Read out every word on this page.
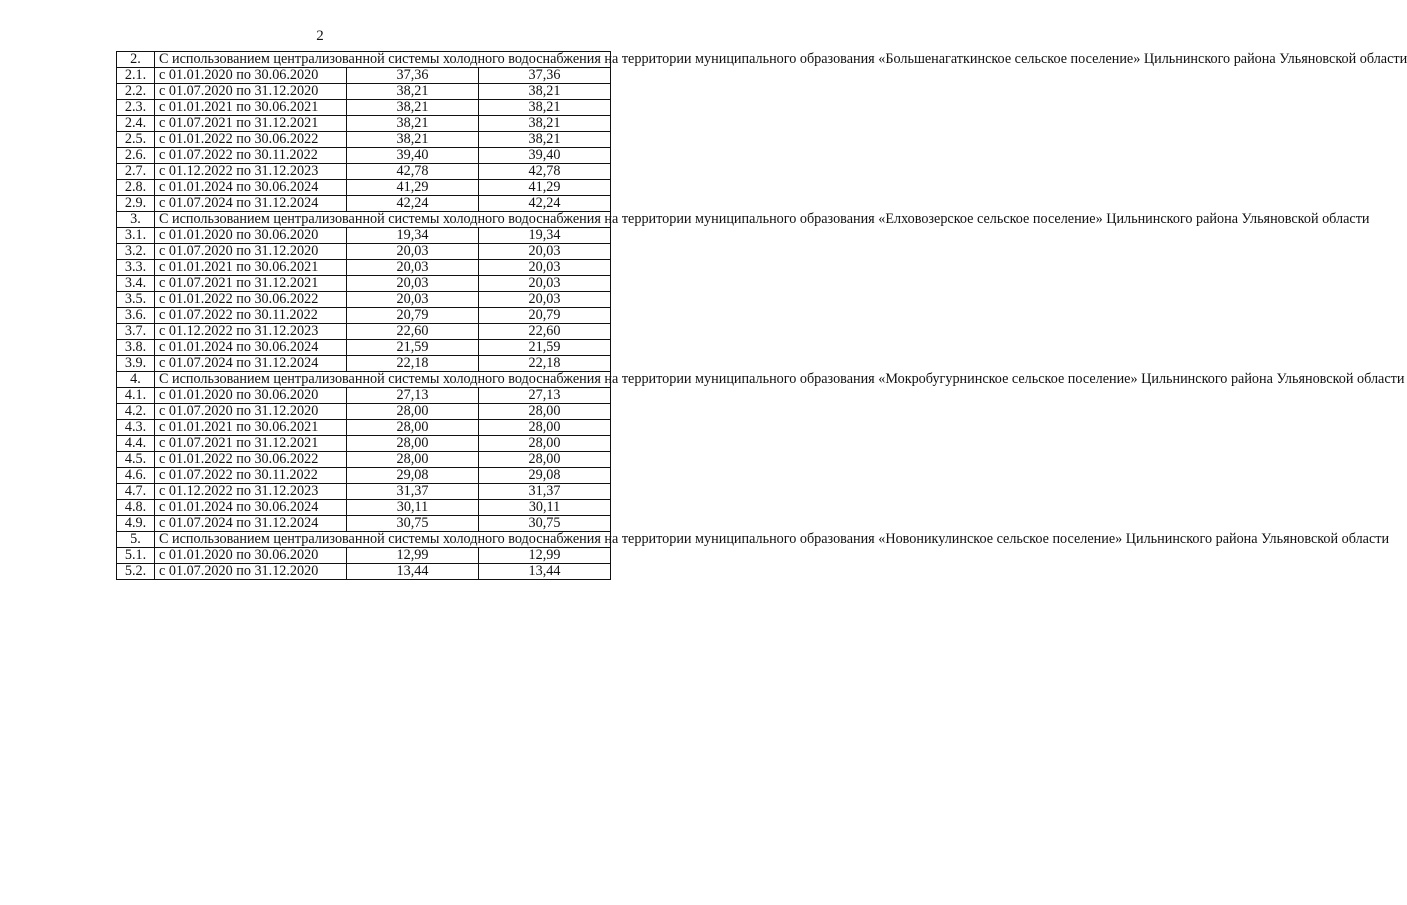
2
2.	С использованием централизованной системы холодного водоснабжения на территории муниципального образования «Большенагаткинское сельское поселение» Цильнинского района Ульяновской области		
2.1.	с 01.01.2020 по 30.06.2020	37,36	37,36
2.2.	с 01.07.2020 по 31.12.2020	38,21	38,21
2.3.	с 01.01.2021 по 30.06.2021	38,21	38,21
2.4.	с 01.07.2021 по 31.12.2021	38,21	38,21
2.5.	с 01.01.2022 по 30.06.2022	38,21	38,21
2.6.	с 01.07.2022 по 30.11.2022	39,40	39,40
2.7.	с 01.12.2022 по 31.12.2023	42,78	42,78
2.8.	с 01.01.2024 по 30.06.2024	41,29	41,29
2.9.	с 01.07.2024 по 31.12.2024	42,24	42,24
3.	С использованием централизованной системы холодного водоснабжения на территории муниципального образования «Елховозерское сельское поселение» Цильнинского района Ульяновской области		
3.1.	с 01.01.2020 по 30.06.2020	19,34	19,34
3.2.	с 01.07.2020 по 31.12.2020	20,03	20,03
3.3.	с 01.01.2021 по 30.06.2021	20,03	20,03
3.4.	с 01.07.2021 по 31.12.2021	20,03	20,03
3.5.	с 01.01.2022 по 30.06.2022	20,03	20,03
3.6.	с 01.07.2022 по 30.11.2022	20,79	20,79
3.7.	с 01.12.2022 по 31.12.2023	22,60	22,60
3.8.	с 01.01.2024 по 30.06.2024	21,59	21,59
3.9.	с 01.07.2024 по 31.12.2024	22,18	22,18
4.	С использованием централизованной системы холодного водоснабжения на территории муниципального образования «Мокробугурнинское сельское поселение» Цильнинского района Ульяновской области		
4.1.	с 01.01.2020 по 30.06.2020	27,13	27,13
4.2.	с 01.07.2020 по 31.12.2020	28,00	28,00
4.3.	с 01.01.2021 по 30.06.2021	28,00	28,00
4.4.	с 01.07.2021 по 31.12.2021	28,00	28,00
4.5.	с 01.01.2022 по 30.06.2022	28,00	28,00
4.6.	с 01.07.2022 по 30.11.2022	29,08	29,08
4.7.	с 01.12.2022 по 31.12.2023	31,37	31,37
4.8.	с 01.01.2024 по 30.06.2024	30,11	30,11
4.9.	с 01.07.2024 по 31.12.2024	30,75	30,75
5.	С использованием централизованной системы холодного водоснабжения на территории муниципального образования «Новоникулинское сельское поселение» Цильнинского района Ульяновской области		
5.1.	с 01.01.2020 по 30.06.2020	12,99	12,99
5.2.	с 01.07.2020 по 31.12.2020	13,44	13,44
